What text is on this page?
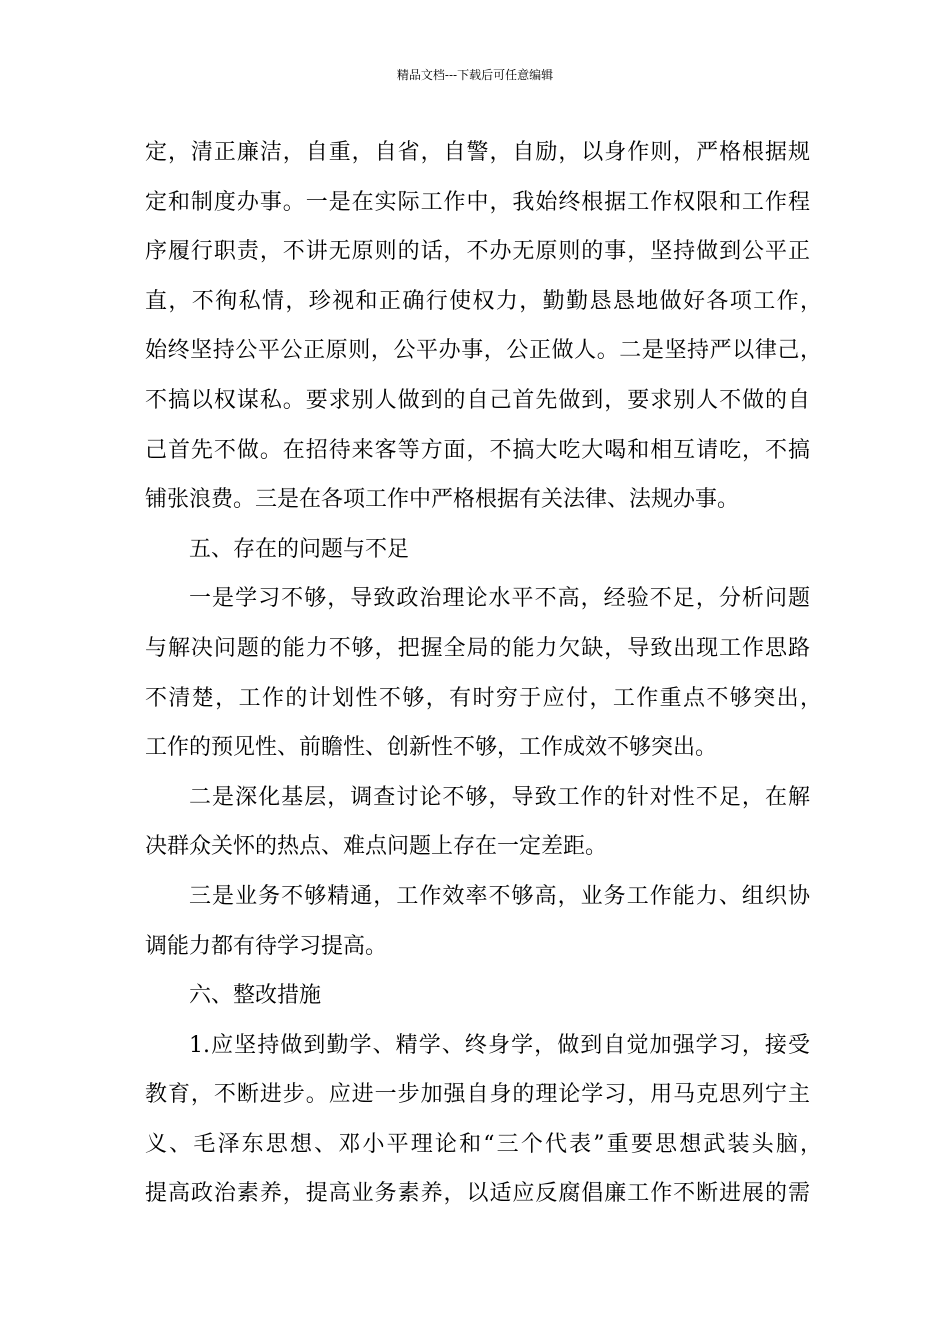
精品文档---下载后可任意编辑
定，清正廉洁，自重，自省，自警，自励，以身作则，严格根据规
定和制度办事。一是在实际工作中，我始终根据工作权限和工作程
序履行职责，不讲无原则的话，不办无原则的事，坚持做到公平正
直，不徇私情，珍视和正确行使权力，勤勤恳恳地做好各项工作，
始终坚持公平公正原则，公平办事，公正做人。二是坚持严以律己，
不搞以权谋私。要求别人做到的自己首先做到，要求别人不做的自
己首先不做。在招待来客等方面，不搞大吃大喝和相互请吃，不搞
铺张浪费。三是在各项工作中严格根据有关法律、法规办事。
五、存在的问题与不足
一是学习不够，导致政治理论水平不高，经验不足，分析问题
与解决问题的能力不够，把握全局的能力欠缺，导致出现工作思路
不清楚，工作的计划性不够，有时穷于应付，工作重点不够突出，
工作的预见性、前瞻性、创新性不够，工作成效不够突出。
二是深化基层，调查讨论不够，导致工作的针对性不足，在解
决群众关怀的热点、难点问题上存在一定差距。
三是业务不够精通，工作效率不够高，业务工作能力、组织协
调能力都有待学习提高。
六、整改措施
1.应坚持做到勤学、精学、终身学，做到自觉加强学习，接受
教育，不断进步。应进一步加强自身的理论学习，用马克思列宁主
义、毛泽东思想、邓小平理论和“三个代表”重要思想武装头脑，
提高政治素养，提高业务素养，以适应反腐倡廉工作不断进展的需
